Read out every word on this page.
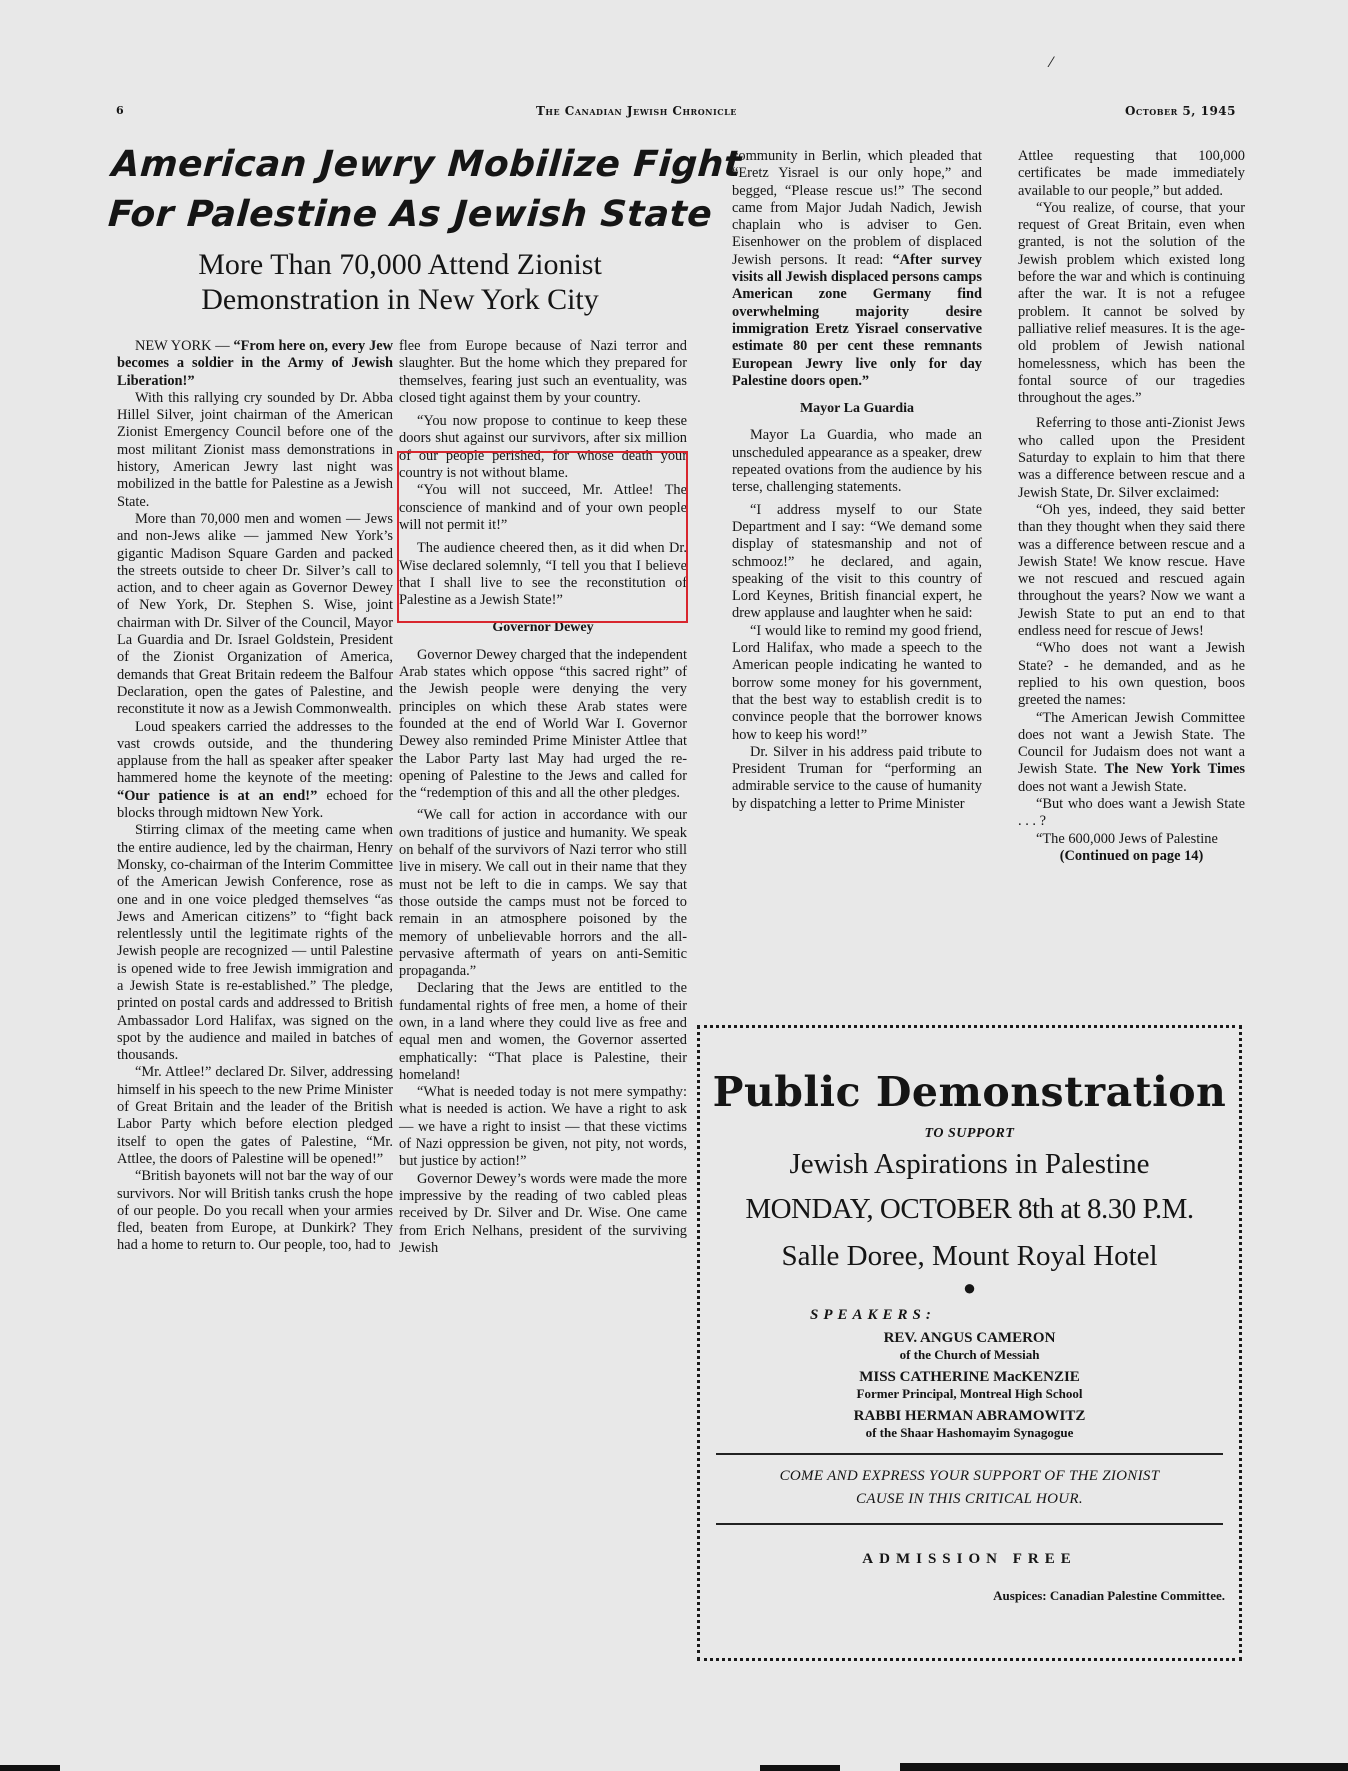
6	The Canadian Jewish Chronicle	October 5, 1945
American Jewry Mobilize Fight
For Palestine As Jewish State
More Than 70,000 Attend Zionist
Demonstration in New York City

NEW YORK — “From here on, every Jew becomes a soldier in the Army of Jewish Liberation!”

With this rallying cry sounded by Dr. Abba Hillel Silver, joint chairman of the American Zionist Emergency Council before one of the most militant Zionist mass demonstrations in history, American Jewry last night was mobilized in the battle for Palestine as a Jewish State.

More than 70,000 men and women — Jews and non-Jews alike — jammed New York’s gigantic Madison Square Garden and packed the streets outside to cheer Dr. Silver’s call to action, and to cheer again as Governor Dewey of New York, Dr. Stephen S. Wise, joint chairman with Dr. Silver of the Council, Mayor La Guardia and Dr. Israel Goldstein, President of the Zionist Organization of America, demands that Great Britain redeem the Balfour Declaration, open the gates of Palestine, and reconstitute it now as a Jewish Commonwealth.

Loud speakers carried the addresses to the vast crowds outside, and the thundering applause from the hall as speaker after speaker hammered home the keynote of the meeting: “Our patience is at an end!” echoed for blocks through midtown New York.

Stirring climax of the meeting came when the entire audience, led by the chairman, Henry Monsky, co-chairman of the Interim Committee of the American Jewish Conference, rose as one and in one voice pledged themselves “as Jews and American citizens” to “fight back relentlessly until the legitimate rights of the Jewish people are recognized — until Palestine is opened wide to free Jewish immigration and a Jewish State is re-established.” The pledge, printed on postal cards and addressed to British Ambassador Lord Halifax, was signed on the spot by the audience and mailed in batches of thousands.

“Mr. Attlee!” declared Dr. Silver, addressing himself in his speech to the new Prime Minister of Great Britain and the leader of the British Labor Party which before election pledged itself to open the gates of Palestine, “Mr. Attlee, the doors of Palestine will be opened!”

“British bayonets will not bar the way of our survivors. Nor will British tanks crush the hope of our people. Do you recall when your armies fled, beaten from Europe, at Dunkirk? They had a home to return to. Our people, too, had to

flee from Europe because of Nazi terror and slaughter. But the home which they prepared for themselves, fearing just such an eventuality, was closed tight against them by your country.

“You now propose to continue to keep these doors shut against our survivors, after six million of our people perished, for whose death your country is not without blame.

“You will not succeed, Mr. Attlee! The conscience of mankind and of your own people will not permit it!”

The audience cheered then, as it did when Dr. Wise declared solemnly, “I tell you that I believe that I shall live to see the reconstitution of Palestine as a Jewish State!”

Governor Dewey

Governor Dewey charged that the independent Arab states which oppose “this sacred right” of the Jewish people were denying the very principles on which these Arab states were founded at the end of World War I. Governor Dewey also reminded Prime Minister Attlee that the Labor Party last May had urged the re-opening of Palestine to the Jews and called for the “redemption of this and all the other pledges.

“We call for action in accordance with our own traditions of justice and humanity. We speak on behalf of the survivors of Nazi terror who still live in misery. We call out in their name that they must not be left to die in camps. We say that those outside the camps must not be forced to remain in an atmosphere poisoned by the memory of unbelievable horrors and the all-pervasive aftermath of years on anti-Semitic propaganda.”

Declaring that the Jews are entitled to the fundamental rights of free men, a home of their own, in a land where they could live as free and equal men and women, the Governor asserted emphatically: “That place is Palestine, their homeland!

“What is needed today is not mere sympathy: what is needed is action. We have a right to ask — we have a right to insist — that these victims of Nazi oppression be given, not pity, not words, but justice by action!”

Governor Dewey’s words were made the more impressive by the reading of two cabled pleas received by Dr. Silver and Dr. Wise. One came from Erich Nelhans, president of the surviving Jewish

community in Berlin, which pleaded that “Eretz Yisrael is our only hope,” and begged, “Please rescue us!” The second came from Major Judah Nadich, Jewish chaplain who is adviser to Gen. Eisenhower on the problem of displaced Jewish persons. It read: “After survey visits all Jewish displaced persons camps American zone Germany find overwhelming majority desire immigration Eretz Yisrael conservative estimate 80 per cent these remnants European Jewry live only for day Palestine doors open.”

Mayor La Guardia

Mayor La Guardia, who made an unscheduled appearance as a speaker, drew repeated ovations from the audience by his terse, challenging statements.

“I address myself to our State Department and I say: “We demand some display of statesmanship and not of schmooz!” he declared, and again, speaking of the visit to this country of Lord Keynes, British financial expert, he drew applause and laughter when he said:

“I would like to remind my good friend, Lord Halifax, who made a speech to the American people indicating he wanted to borrow some money for his government, that the best way to establish credit is to convince people that the borrower knows how to keep his word!”

Dr. Silver in his address paid tribute to President Truman for “performing an admirable service to the cause of humanity by dispatching a letter to Prime Minister

Attlee requesting that 100,000 certificates be made immediately available to our people,” but added.

“You realize, of course, that your request of Great Britain, even when granted, is not the solution of the Jewish problem which existed long before the war and which is continuing after the war. It is not a refugee problem. It cannot be solved by palliative relief measures. It is the age-old problem of Jewish national homelessness, which has been the fontal source of our tragedies throughout the ages.”

Referring to those anti-Zionist Jews who called upon the President Saturday to explain to him that there was a difference between rescue and a Jewish State, Dr. Silver exclaimed:

“Oh yes, indeed, they said better than they thought when they said there was a difference between rescue and a Jewish State! We know rescue. Have we not rescued and rescued again throughout the years? Now we want a Jewish State to put an end to that endless need for rescue of Jews!

“Who does not want a Jewish State? - he demanded, and as he replied to his own question, boos greeted the names:

“The American Jewish Committee does not want a Jewish State. The Council for Judaism does not want a Jewish State. The New York Times does not want a Jewish State.

“But who does want a Jewish State . . . ?

“The 600,000 Jews of Palestine

(Continued on page 14)

Public Demonstration
TO SUPPORT
Jewish Aspirations in Palestine
MONDAY, OCTOBER 8th at 8.30 P.M.
Salle Doree, Mount Royal Hotel
●
SPEAKERS:
REV. ANGUS CAMERON
of the Church of Messiah
MISS CATHERINE MacKENZIE
Former Principal, Montreal High School
RABBI HERMAN ABRAMOWITZ
of the Shaar Hashomayim Synagogue
COME AND EXPRESS YOUR SUPPORT OF THE ZIONIST
CAUSE IN THIS CRITICAL HOUR.
ADMISSION FREE
Auspices: Canadian Palestine Committee.
⁄
